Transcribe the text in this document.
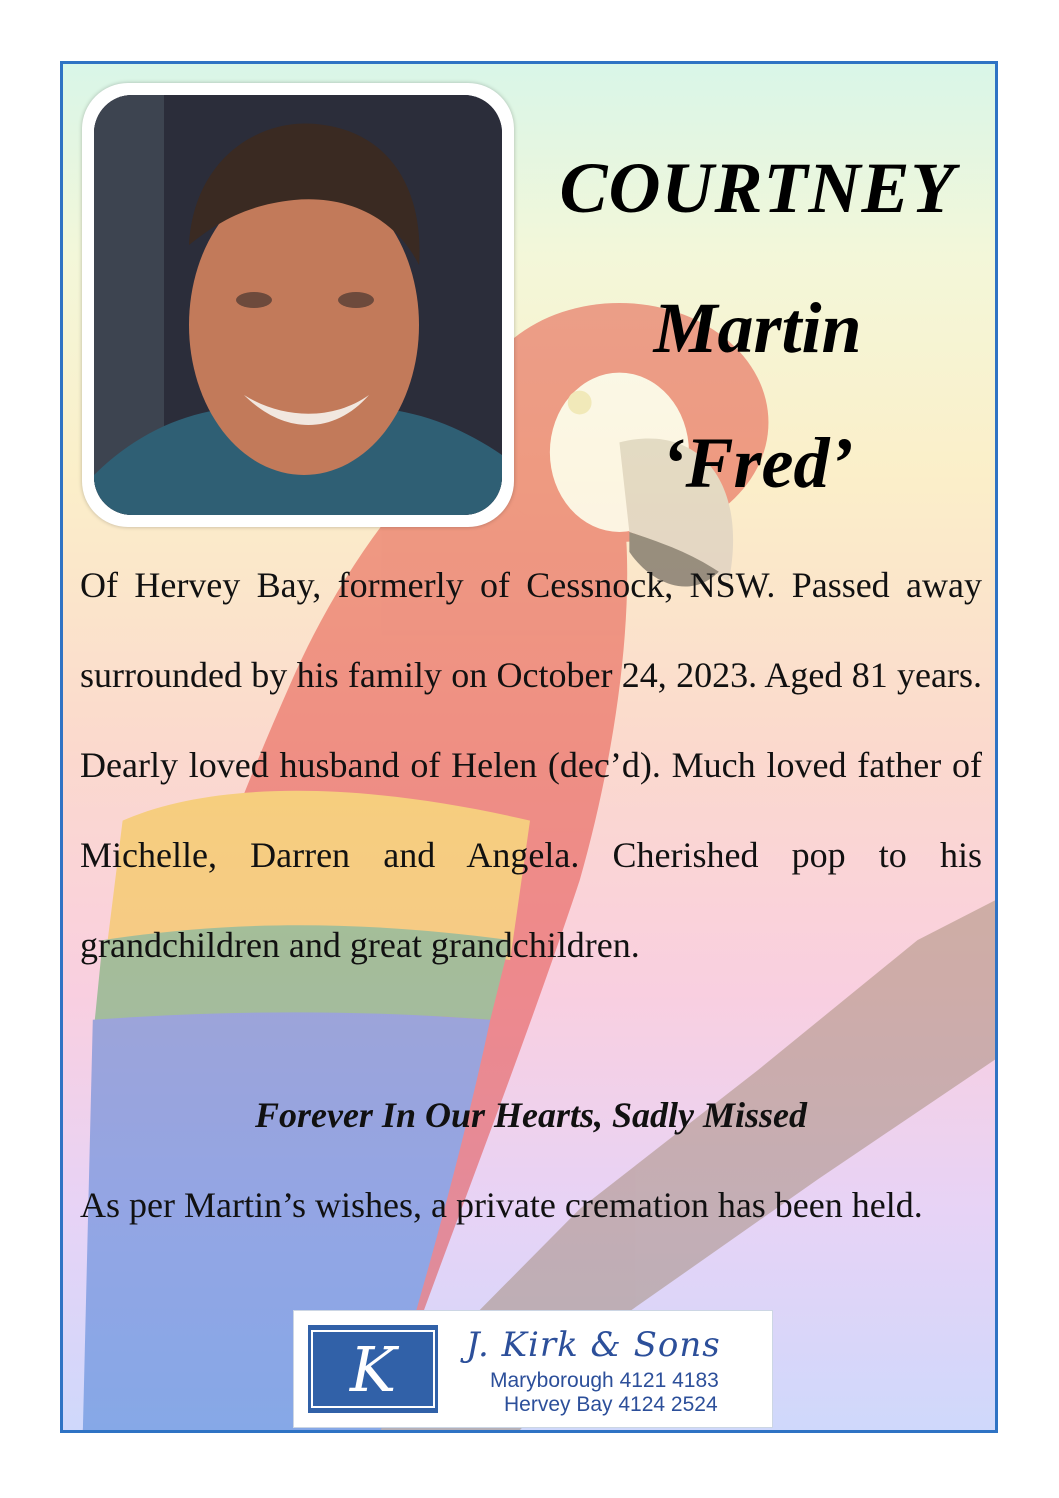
COURTNEY
Martin
‘Fred’
Of Hervey Bay, formerly of Cessnock, NSW. Passed away surrounded by his family on October 24, 2023. Aged 81 years. Dearly loved husband of Helen (dec’d). Much loved father of Michelle, Darren and Angela. Cherished pop to his grandchildren and great grandchildren.
Forever In Our Hearts, Sadly Missed
As per Martin’s wishes, a private cremation has been held.
K J. Kirk & Sons
Maryborough 4121 4183
Hervey Bay 4124 2524
